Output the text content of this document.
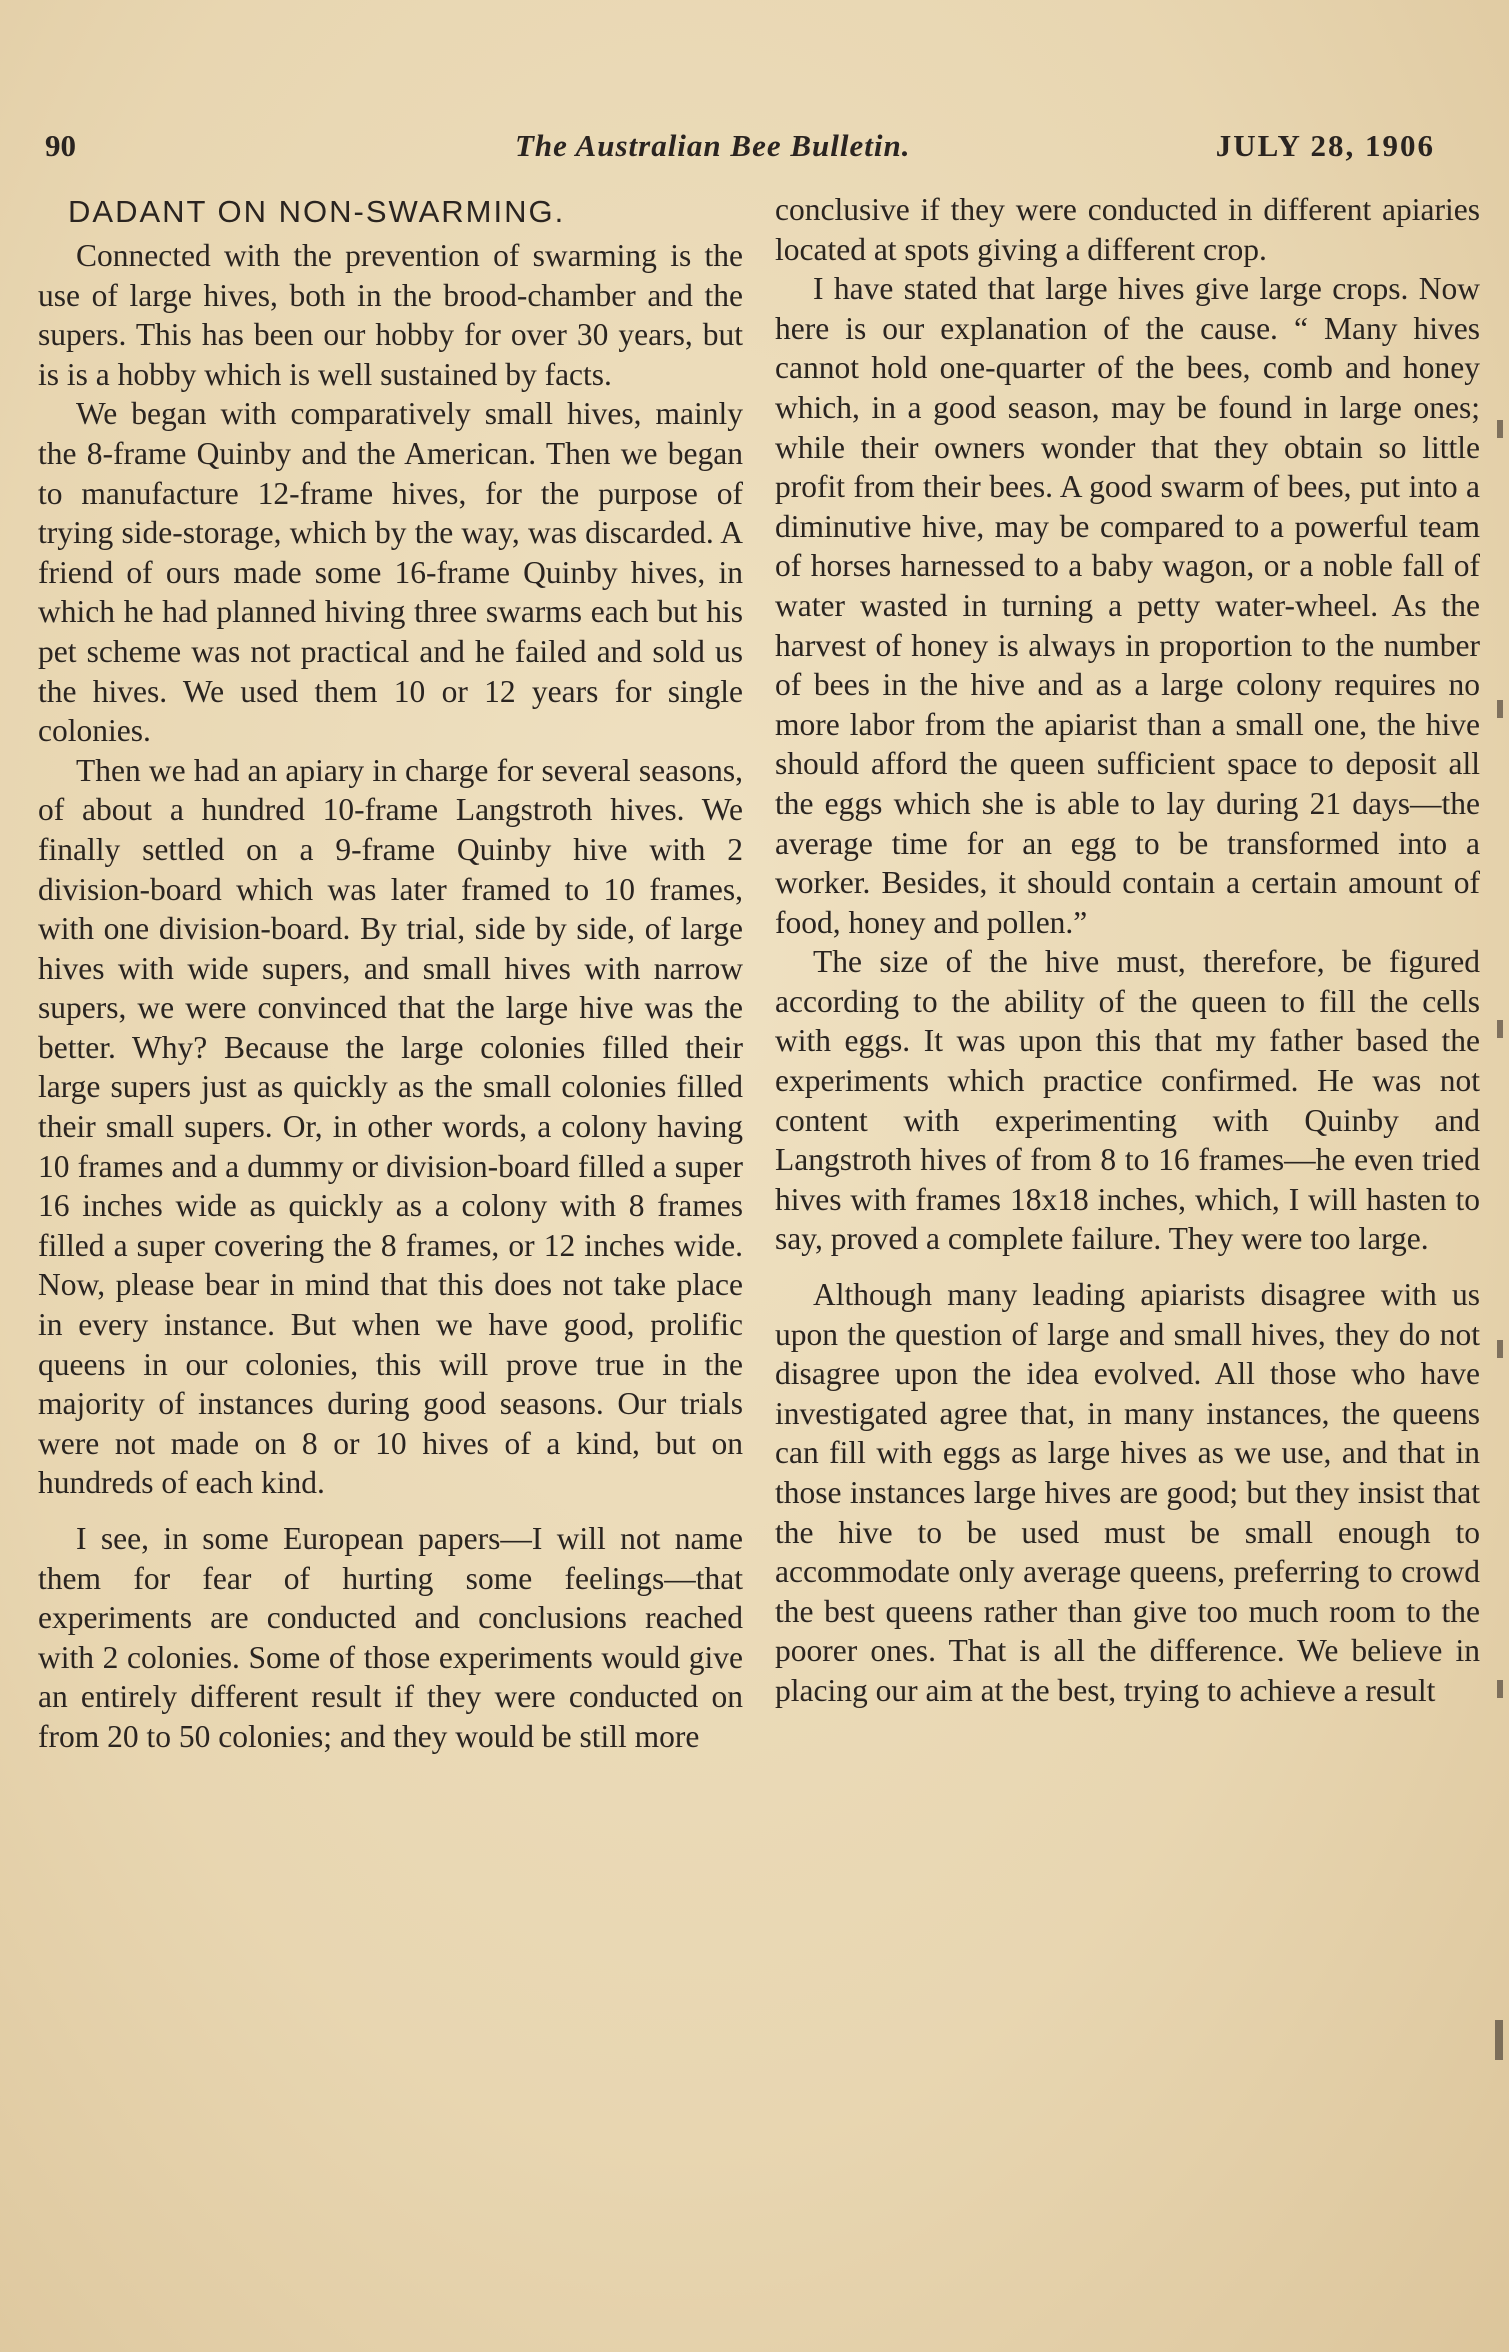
90	The Australian Bee Bulletin.	JULY 28, 1906
DADANT ON NON-SWARMING.

Connected with the prevention of swarming is the use of large hives, both in the brood-chamber and the supers. This has been our hobby for over 30 years, but is is a hobby which is well sustained by facts.

We began with comparatively small hives, mainly the 8-frame Quinby and the American. Then we began to manufacture 12-frame hives, for the purpose of trying side-storage, which by the way, was discarded. A friend of ours made some 16-frame Quinby hives, in which he had planned hiving three swarms each but his pet scheme was not practical and he failed and sold us the hives. We used them 10 or 12 years for single colonies.

Then we had an apiary in charge for several seasons, of about a hundred 10-frame Langstroth hives. We finally settled on a 9-frame Quinby hive with 2 division-board which was later framed to 10 frames, with one division-board. By trial, side by side, of large hives with wide supers, and small hives with narrow supers, we were convinced that the large hive was the better. Why? Because the large colonies filled their large supers just as quickly as the small colonies filled their small supers. Or, in other words, a colony having 10 frames and a dummy or division-board filled a super 16 inches wide as quickly as a colony with 8 frames filled a super covering the 8 frames, or 12 inches wide. Now, please bear in mind that this does not take place in every instance. But when we have good, prolific queens in our colonies, this will prove true in the majority of instances during good seasons. Our trials were not made on 8 or 10 hives of a kind, but on hundreds of each kind.

I see, in some European papers—I will not name them for fear of hurting some feelings—that experiments are conducted and conclusions reached with 2 colonies. Some of those experiments would give an entirely different result if they were conducted on from 20 to 50 colonies; and they would be still more

conclusive if they were conducted in different apiaries located at spots giving a different crop.

I have stated that large hives give large crops. Now here is our explanation of the cause. “ Many hives cannot hold one-quarter of the bees, comb and honey which, in a good season, may be found in large ones; while their owners wonder that they obtain so little profit from their bees. A good swarm of bees, put into a diminutive hive, may be compared to a powerful team of horses harnessed to a baby wagon, or a noble fall of water wasted in turning a petty water-wheel. As the harvest of honey is always in proportion to the number of bees in the hive and as a large colony requires no more labor from the apiarist than a small one, the hive should afford the queen sufficient space to deposit all the eggs which she is able to lay during 21 days—the average time for an egg to be transformed into a worker. Besides, it should contain a certain amount of food, honey and pollen.”

The size of the hive must, therefore, be figured according to the ability of the queen to fill the cells with eggs. It was upon this that my father based the experiments which practice confirmed. He was not content with experimenting with Quinby and Langstroth hives of from 8 to 16 frames—he even tried hives with frames 18x18 inches, which, I will hasten to say, proved a complete failure. They were too large.

Although many leading apiarists disagree with us upon the question of large and small hives, they do not disagree upon the idea evolved. All those who have investigated agree that, in many instances, the queens can fill with eggs as large hives as we use, and that in those instances large hives are good; but they insist that the hive to be used must be small enough to accommodate only average queens, preferring to crowd the best queens rather than give too much room to the poorer ones. That is all the difference. We believe in placing our aim at the best, trying to achieve a result
